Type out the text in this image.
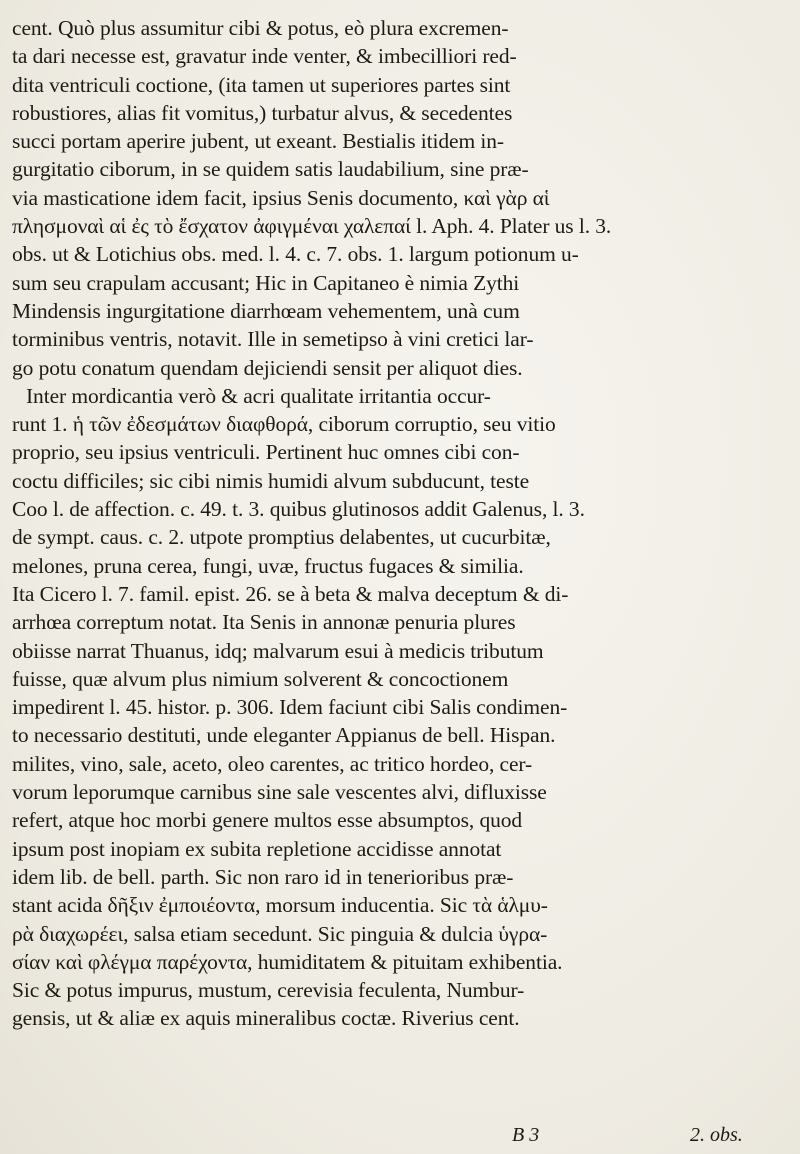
cent. Quò plus assumitur cibi & potus, eò plura excremen-
ta dari necesse est, gravatur inde venter, & imbecilliori red-
dita ventriculi coctione, (ita tamen ut superiores partes sint
robustiores, alias fit vomitus,) turbatur alvus, & secedentes
succi portam aperire jubent, ut exeant. Bestialis itidem in-
gurgitatio ciborum, in se quidem satis laudabilium, sine præ-
via masticatione idem facit, ipsius Senis documento, καὶ γὰρ αἱ
πλησμοναὶ αἱ ἐς τὸ ἔσχατον ἀφιγμέναι χαλεπαί l. Aph. 4. Plater us l. 3.
obs. ut & Lotichius obs. med. l. 4. c. 7. obs. 1. largum potionum u-
sum seu crapulam accusant; Hic in Capitaneo è nimia Zythi
Mindensis ingurgitatione diarrhœam vehementem, unà cum
torminibus ventris, notavit. Ille in semetipso à vini cretici lar-
go potu conatum quendam dejiciendi sensit per aliquot dies.
Inter mordicantia verò & acri qualitate irritantia occur-
runt 1. ἡ τῶν ἐδεσμάτων διαφθορά, ciborum corruptio, seu vitio
proprio, seu ipsius ventriculi. Pertinent huc omnes cibi con-
coctu difficiles; sic cibi nimis humidi alvum subducunt, teste
Coo l. de affection. c. 49. t. 3. quibus glutinosos addit Galenus, l. 3.
de sympt. caus. c. 2. utpote promptius delabentes, ut cucurbitæ,
melones, pruna cerea, fungi, uvæ, fructus fugaces & similia.
Ita Cicero l. 7. famil. epist. 26. se à beta & malva deceptum & di-
arrhœa correptum notat. Ita Senis in annonæ penuria plures
obiisse narrat Thuanus, idq; malvarum esui à medicis tributum
fuisse, quæ alvum plus nimium solverent & concoctionem
impedirent l. 45. histor. p. 306. Idem faciunt cibi Salis condimen-
to necessario destituti, unde eleganter Appianus de bell. Hispan.
milites, vino, sale, aceto, oleo carentes, ac tritico hordeo, cer-
vorum leporumque carnibus sine sale vescentes alvi, difluxisse
refert, atque hoc morbi genere multos esse absumptos, quod
ipsum post inopiam ex subita repletione accidisse annotat
idem lib. de bell. parth. Sic non raro id in tenerioribus præ-
stant acida δῆξιν ἐμποιέοντα, morsum inducentia. Sic τὰ ἁλμυ-
ρὰ διαχωρέει, salsa etiam secedunt. Sic pinguia & dulcia ὑγρα-
σίαν καὶ φλέγμα παρέχοντα, humiditatem & pituitam exhibentia.
Sic & potus impurus, mustum, cerevisia feculenta, Numbur-
gensis, ut & aliæ ex aquis mineralibus coctæ. Riverius cent.
B 3	2. obs.
